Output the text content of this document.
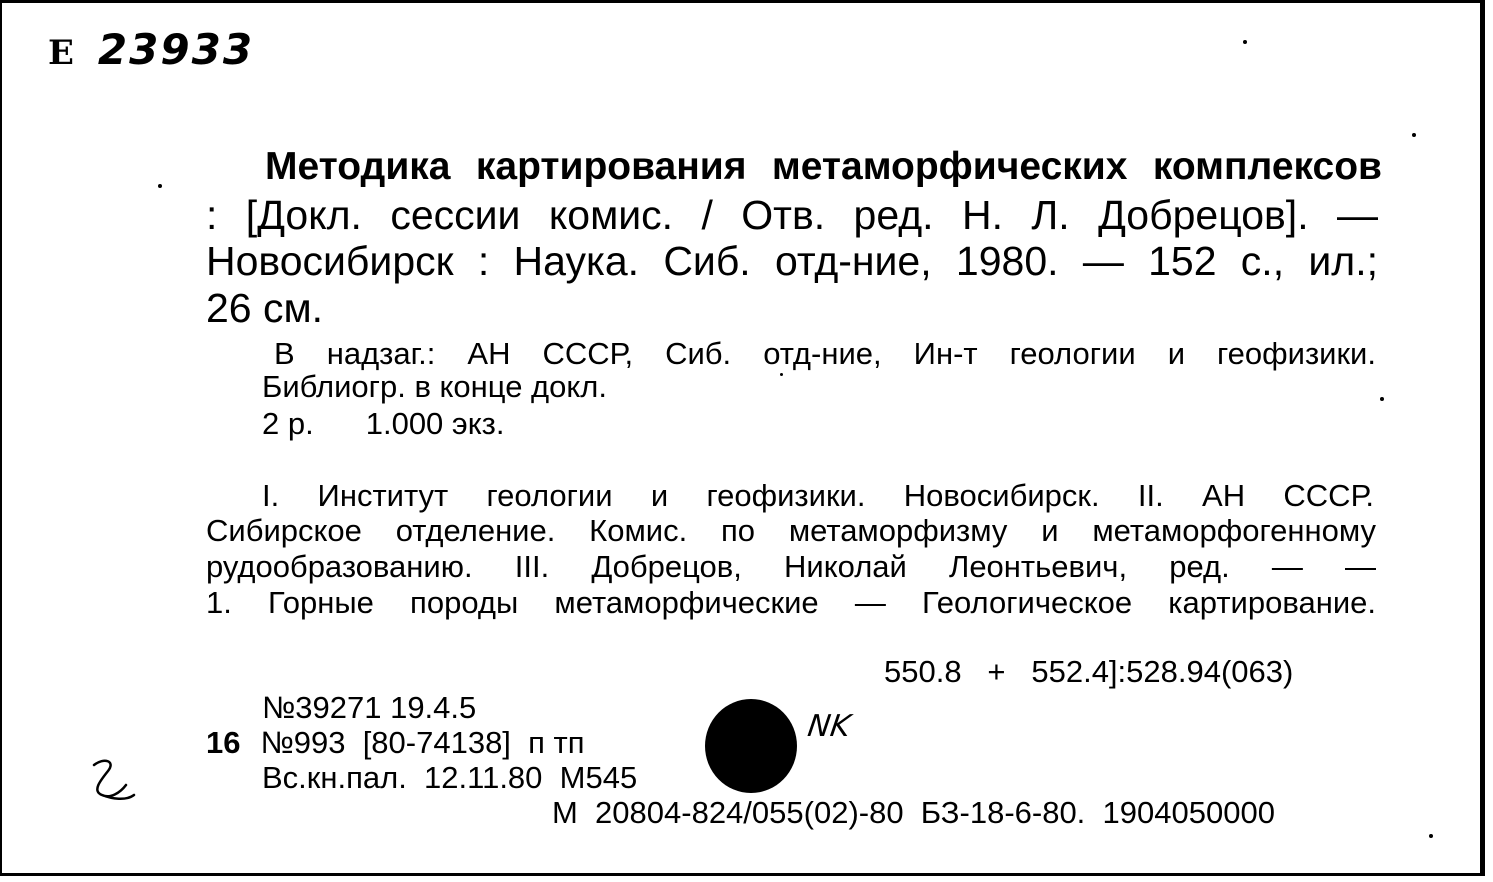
E 23933
Методика картирования метаморфических комплексов
: [Докл. сессии комис. / Отв. ред. Н. Л. Добрецов]. —
Новосибирск : Наука. Сиб. отд-ние, 1980. — 152 с., ил.;
26 см.
В надзаг.: АН СССР, Сиб. отд-ние, Ин-т геологии и геофизики.
Библиогр. в конце докл.
2 р. 1.000 экз.
I. Институт геологии и геофизики. Новосибирск. II. АН СССР.
Сибирское отделение. Комис. по метаморфизму и метаморфогенному
рудообразованию. III. Добрецов, Николай Леонтьевич, ред. — —
1. Горные породы метаморфические — Геологическое картирование.
550.8   +   552.4]:528.94(063)
№39271 19.4.5
16 №993  [80-74138]  п тп
Вс.кн.пал.  12.11.80  М545
М  20804-824/055(02)-80  БЗ-18-6-80.  1904050000
NK
